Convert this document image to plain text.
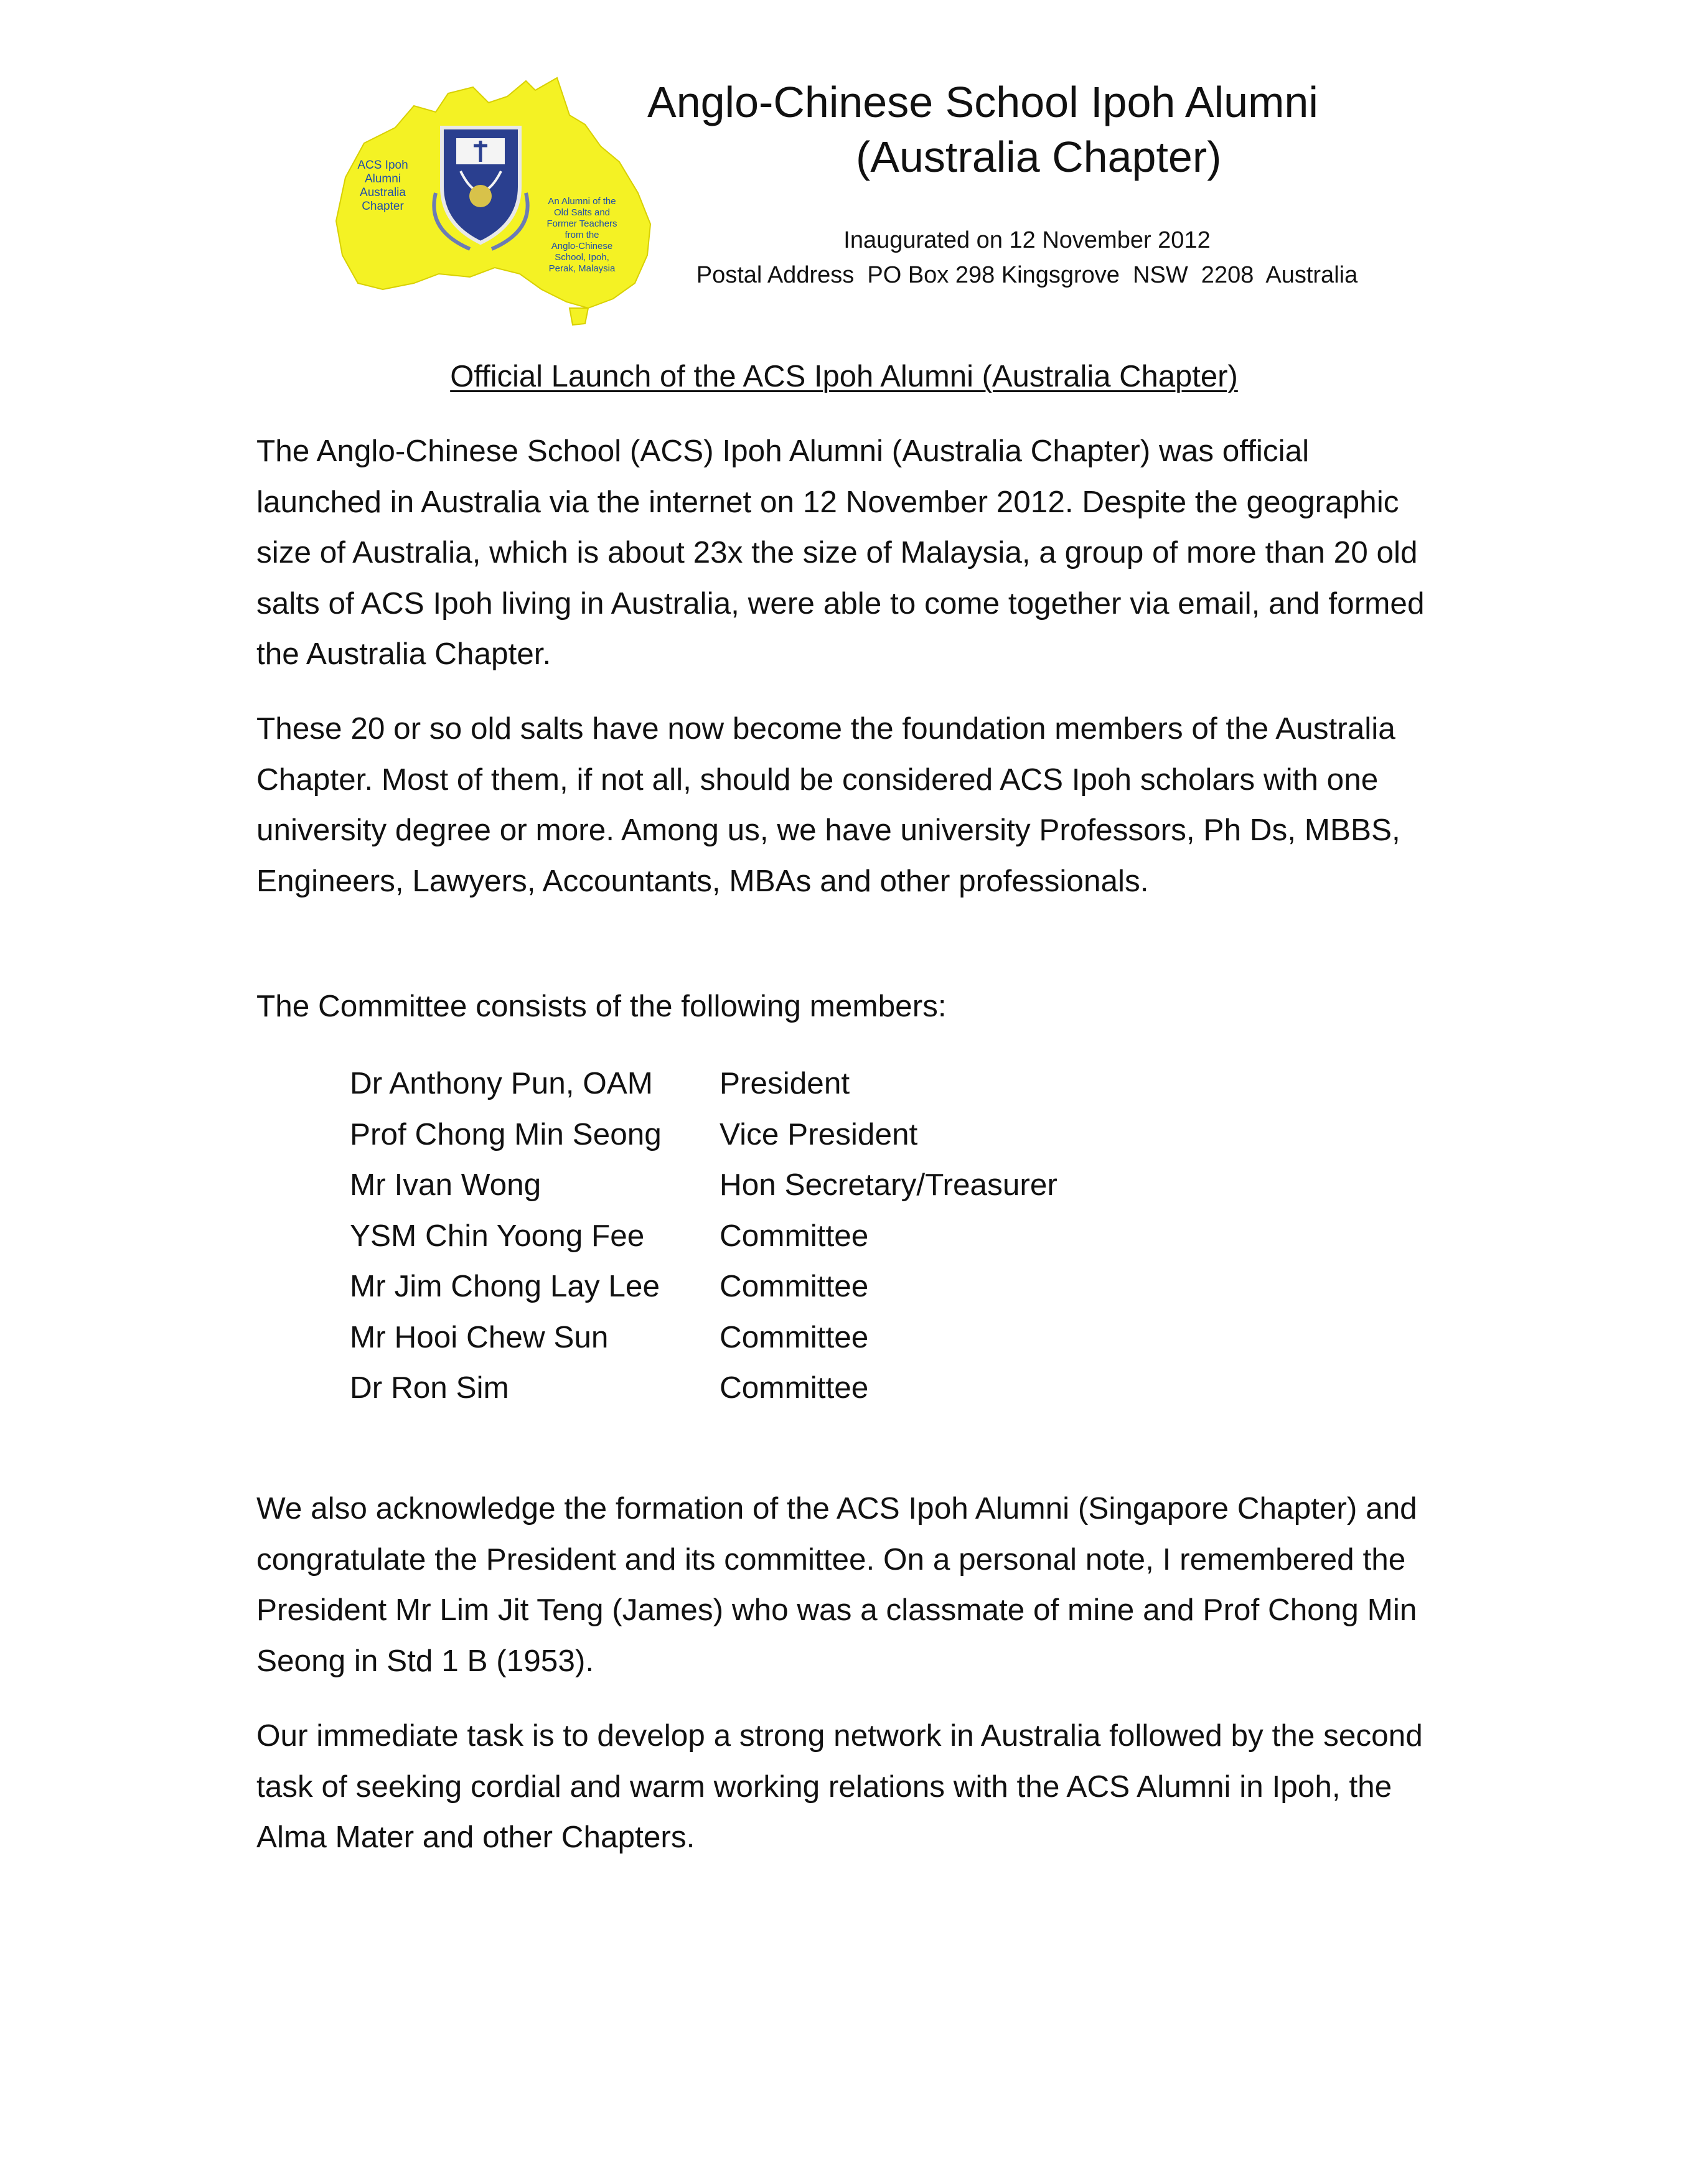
ACS Ipoh
Alumni
Australia
Chapter	An Alumni of the
Old Salts and
Former Teachers
from the
Anglo-Chinese
School, Ipoh,
Perak, Malaysia
Anglo-Chinese School Ipoh Alumni
(Australia Chapter)
Inaugurated on 12 November 2012
Postal Address  PO Box 298 Kingsgrove  NSW  2208  Australia
Official Launch of the ACS Ipoh Alumni (Australia Chapter)

The Anglo-Chinese School (ACS) Ipoh Alumni (Australia Chapter) was official launched in Australia via the internet on 12 November 2012. Despite the geographic size of Australia, which is about 23x the size of Malaysia, a group of more than 20 old salts of ACS Ipoh living in Australia, were able to come together via email, and formed the Australia Chapter.

These 20 or so old salts have now become the foundation members of the Australia Chapter. Most of them, if not all, should be considered ACS Ipoh scholars with one university degree or more. Among us, we have university Professors, Ph Ds, MBBS, Engineers, Lawyers, Accountants, MBAs and other professionals.

The Committee consists of the following members:

Dr Anthony Pun, OAM	President
Prof Chong Min Seong	Vice President
Mr Ivan Wong	Hon Secretary/Treasurer
YSM Chin Yoong Fee	Committee
Mr Jim Chong Lay Lee	Committee
Mr Hooi Chew Sun	Committee
Dr Ron Sim	Committee

We also acknowledge the formation of the ACS Ipoh Alumni (Singapore Chapter) and congratulate the President and its committee. On a personal note, I remembered the President Mr Lim Jit Teng (James) who was a classmate of mine and Prof Chong Min Seong in Std 1 B (1953).

Our immediate task is to develop a strong network in Australia followed by the second task of seeking cordial and warm working relations with the ACS Alumni in Ipoh, the Alma Mater and other Chapters.
